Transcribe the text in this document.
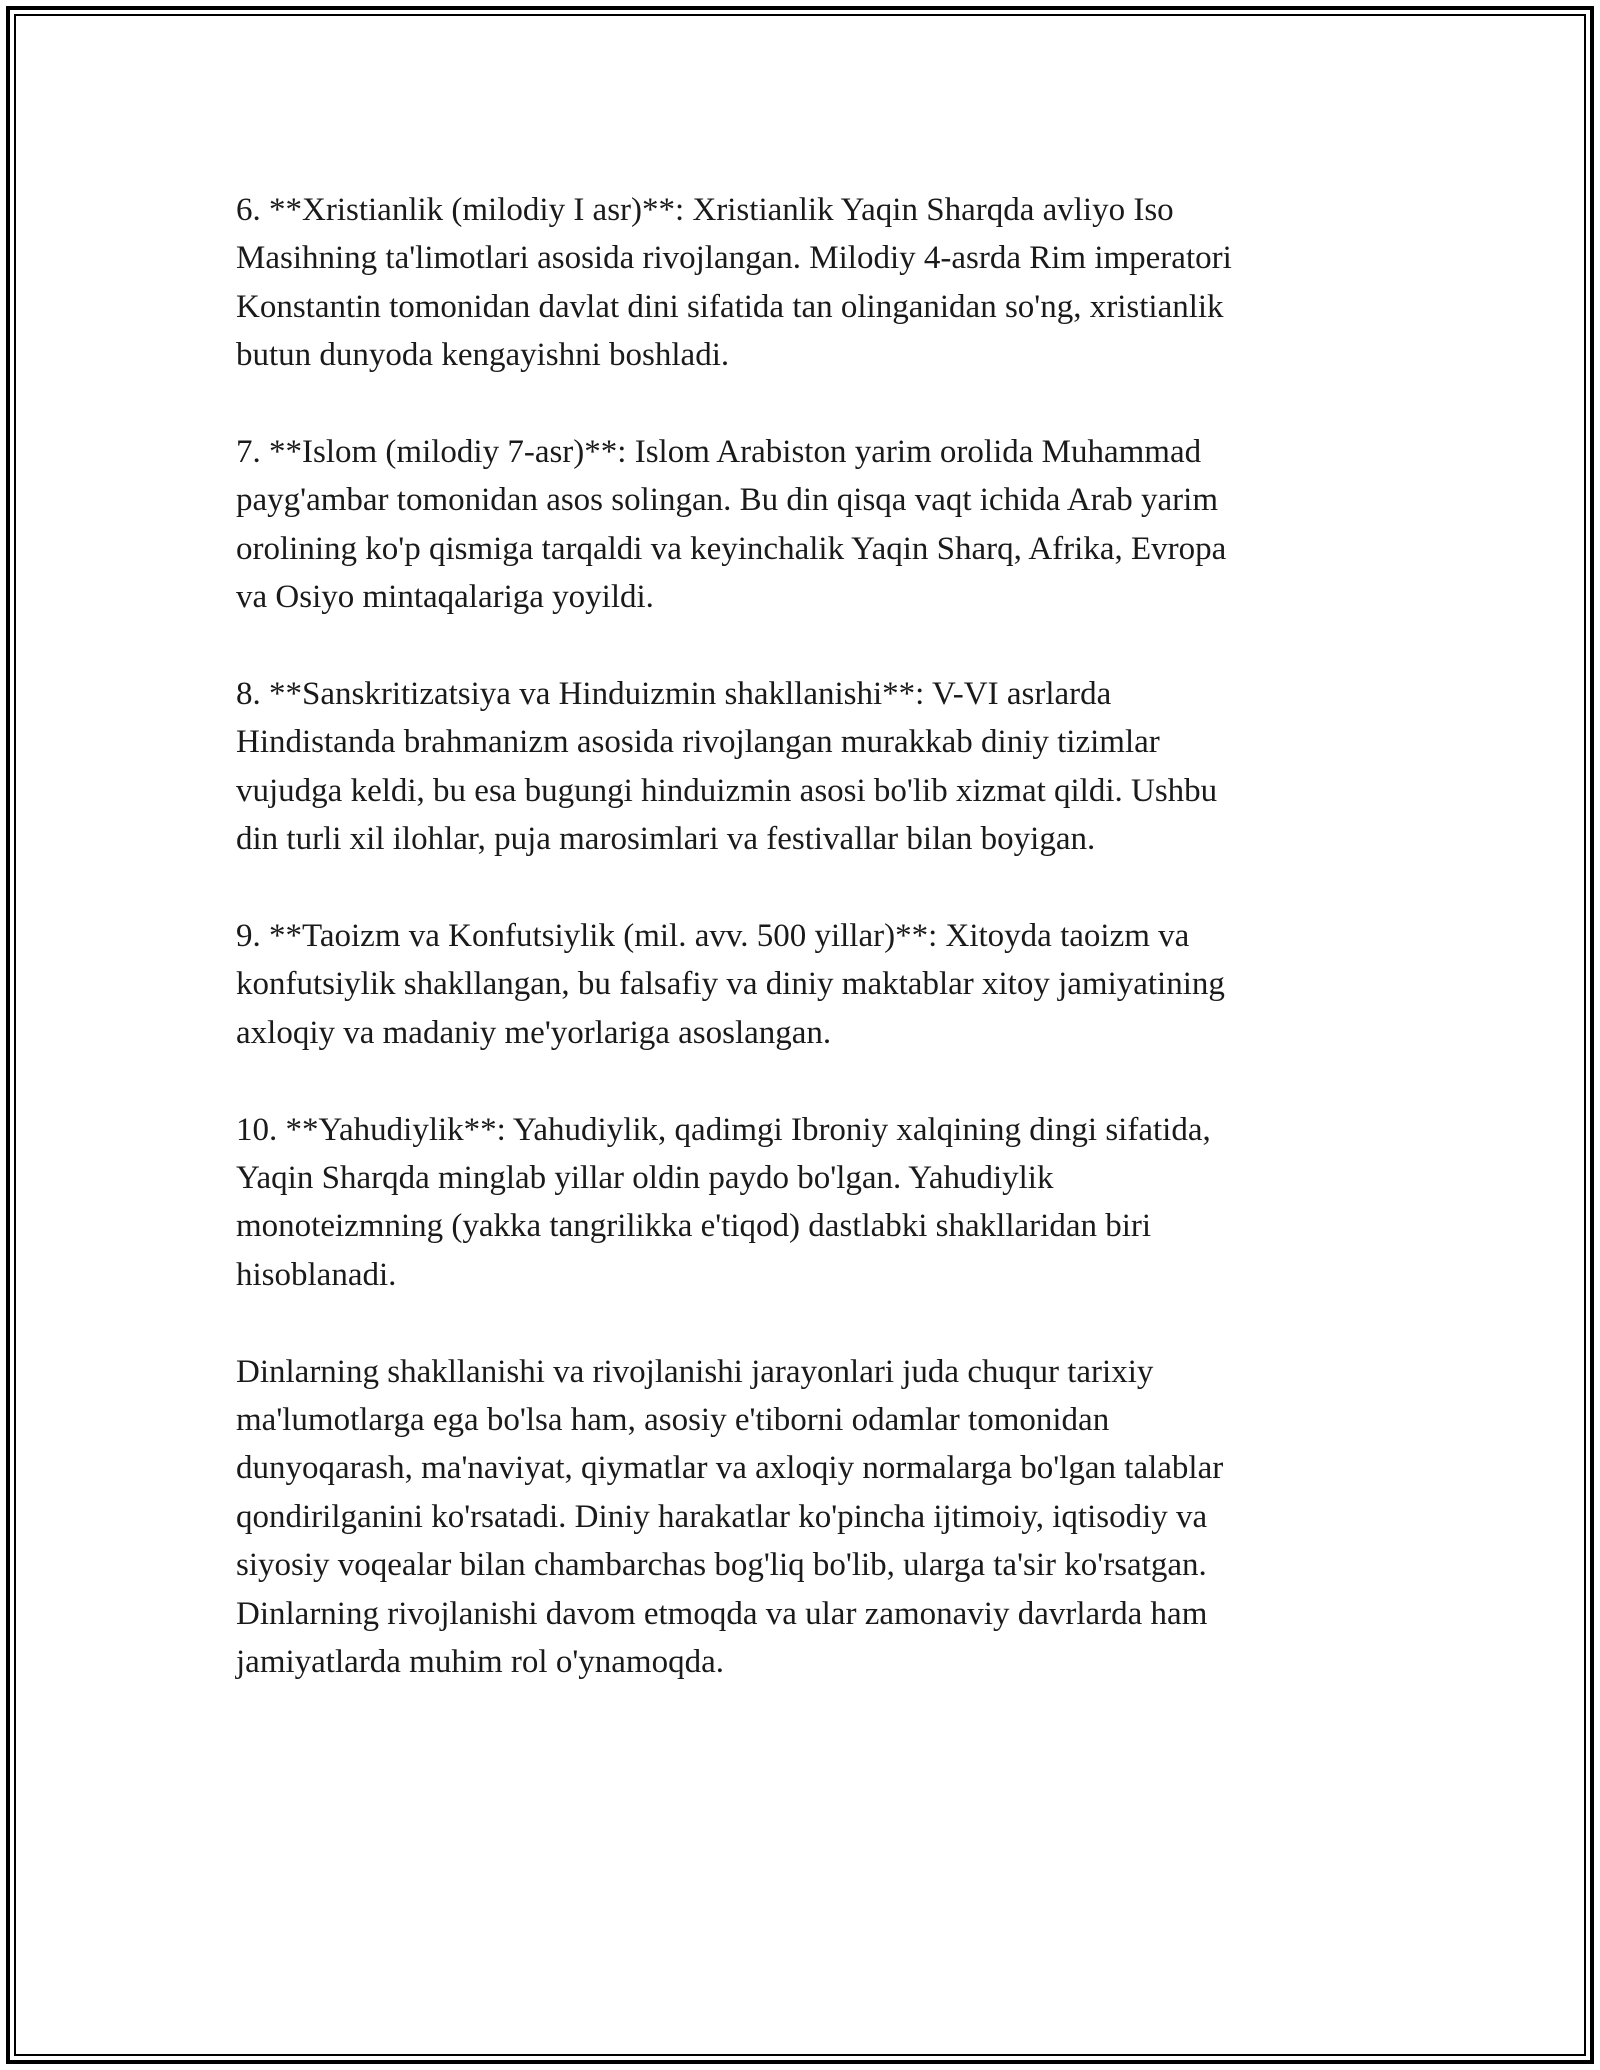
6. **Xristianlik (milodiy I asr)**: Xristianlik Yaqin Sharqda avliyo Iso
Masihning ta'limotlari asosida rivojlangan. Milodiy 4-asrda Rim imperatori
Konstantin tomonidan davlat dini sifatida tan olinganidan so'ng, xristianlik
butun dunyoda kengayishni boshladi.

7. **Islom (milodiy 7-asr)**: Islom Arabiston yarim orolida Muhammad
payg'ambar tomonidan asos solingan. Bu din qisqa vaqt ichida Arab yarim
orolining ko'p qismiga tarqaldi va keyinchalik Yaqin Sharq, Afrika, Evropa
va Osiyo mintaqalariga yoyildi.

8. **Sanskritizatsiya va Hinduizmin shakllanishi**: V-VI asrlarda
Hindistanda brahmanizm asosida rivojlangan murakkab diniy tizimlar
vujudga keldi, bu esa bugungi hinduizmin asosi bo'lib xizmat qildi. Ushbu
din turli xil ilohlar, puja marosimlari va festivallar bilan boyigan.

9. **Taoizm va Konfutsiylik (mil. avv. 500 yillar)**: Xitoyda taoizm va
konfutsiylik shakllangan, bu falsafiy va diniy maktablar xitoy jamiyatining
axloqiy va madaniy me'yorlariga asoslangan.

10. **Yahudiylik**: Yahudiylik, qadimgi Ibroniy xalqining dingi sifatida,
Yaqin Sharqda minglab yillar oldin paydo bo'lgan. Yahudiylik
monoteizmning (yakka tangrilikka e'tiqod) dastlabki shakllaridan biri
hisoblanadi.

Dinlarning shakllanishi va rivojlanishi jarayonlari juda chuqur tarixiy
ma'lumotlarga ega bo'lsa ham, asosiy e'tiborni odamlar tomonidan
dunyoqarash, ma'naviyat, qiymatlar va axloqiy normalarga bo'lgan talablar
qondirilganini ko'rsatadi. Diniy harakatlar ko'pincha ijtimoiy, iqtisodiy va
siyosiy voqealar bilan chambarchas bog'liq bo'lib, ularga ta'sir ko'rsatgan.
Dinlarning rivojlanishi davom etmoqda va ular zamonaviy davrlarda ham
jamiyatlarda muhim rol o'ynamoqda.
